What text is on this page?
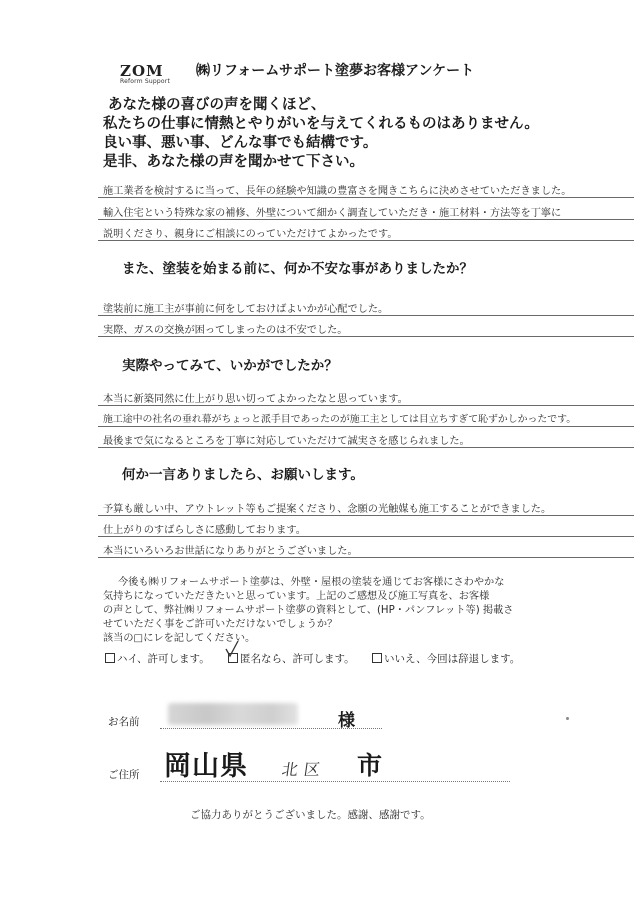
ZOM
Reform Support
㈱リフォームサポート塗夢お客様アンケート
あなた様の喜びの声を聞くほど、
私たちの仕事に情熱とやりがいを与えてくれるものはありません。
良い事、悪い事、どんな事でも結構です。
是非、あなた様の声を聞かせて下さい。
施工業者を検討するに当って、長年の経験や知識の豊富さを聞きこちらに決めさせていただきました。
輸入住宅という特殊な家の補修、外壁について細かく調査していただき・施工材料・方法等を丁寧に
説明くださり、親身にご相談にのっていただけてよかったです。
また、塗装を始まる前に、何か不安な事がありましたか？
塗装前に施工主が事前に何をしておけばよいかが心配でした。
実際、ガスの交換が困ってしまったのは不安でした。
実際やってみて、いかがでしたか？
本当に新築同然に仕上がり思い切ってよかったなと思っています。
施工途中の社名の垂れ幕がちょっと派手目であったのが施工主としては目立ちすぎて恥ずかしかったです。
最後まで気になるところを丁寧に対応していただけて誠実さを感じられました。
何か一言ありましたら、お願いします。
予算も厳しい中、アウトレット等もご提案くださり、念願の光触媒も施工することができました。
仕上がりのすばらしさに感動しております。
本当にいろいろお世話になりありがとうございました。
今後も㈱リフォームサポート塗夢は、外壁・屋根の塗装を通じてお客様にさわやかな
気持ちになっていただきたいと思っています。上記のご感想及び施工写真を、お客様
の声として、弊社㈱リフォームサポート塗夢の資料として、(HP・パンフレット等) 掲載さ
せていただく事をご許可いただけないでしょうか？
該当の□にレを記してください。
ハイ、許可します。	匿名なら、許可します。	いいえ、今回は辞退します。
お名前	様
ご住所 岡山県 北区 市
ご協力ありがとうございました。感謝、感謝です。
